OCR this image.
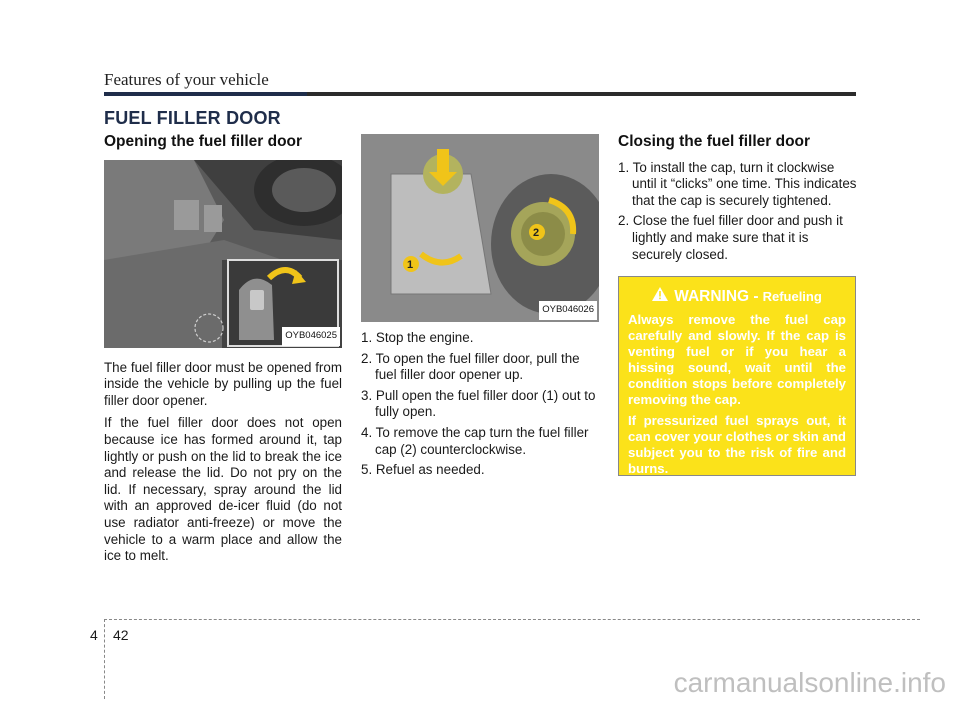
Features of your vehicle
FUEL FILLER DOOR
Opening the fuel filler door
OYB046025

The fuel filler door must be opened from inside the vehicle by pulling up the fuel filler door opener.

If the fuel filler door does not open because ice has formed around it, tap lightly or push on the lid to break the ice and release the lid. Do not pry on the lid. If necessary, spray around the lid with an approved de-icer fluid (do not use radiator anti-freeze) or move the vehicle to a warm place and allow the ice to melt.

1
2
OYB046026
1. Stop the engine.
2. To open the fuel filler door, pull the fuel filler door opener up.
3. Pull open the fuel filler door (1) out to fully open.
4. To remove the cap turn the fuel filler cap (2) counterclockwise.
5. Refuel as needed.
Closing the fuel filler door
1. To install the cap, turn it clockwise until it “clicks” one time. This indicates that the cap is securely tightened.
2. Close the fuel filler door and push it lightly and make sure that it is securely closed.
WARNING - Refueling

Always remove the fuel cap carefully and slowly. If the cap is venting fuel or if you hear a hissing sound, wait until the condition stops before completely removing the cap.

If pressurized fuel sprays out, it can cover your clothes or skin and subject you to the risk of fire and burns.

4 42
carmanualsonline.info
